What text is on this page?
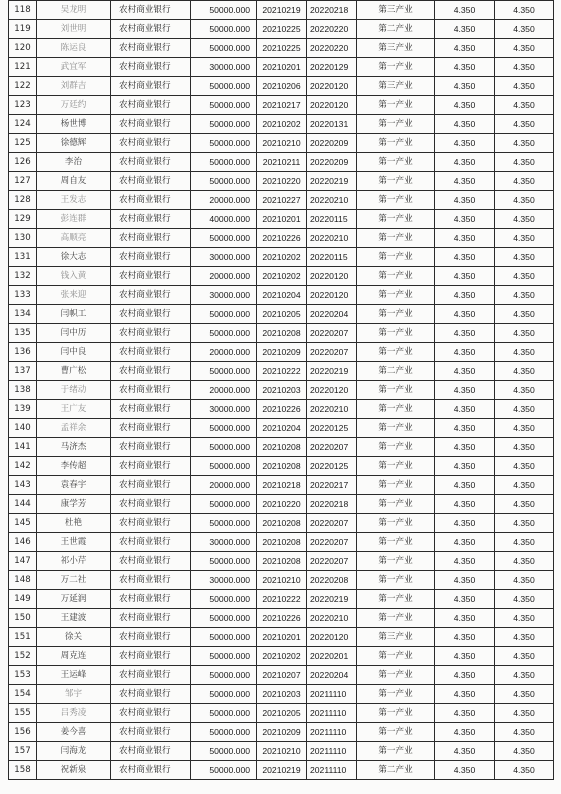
118	吴龙明	农村商业银行	50000.000	20210219	20220218	第三产业	4.350	4.350
119	刘世明	农村商业银行	50000.000	20210225	20220220	第二产业	4.350	4.350
120	陈运良	农村商业银行	50000.000	20210225	20220220	第三产业	4.350	4.350
121	武宜军	农村商业银行	30000.000	20210201	20220129	第一产业	4.350	4.350
122	刘群吉	农村商业银行	50000.000	20210206	20220120	第三产业	4.350	4.350
123	万廷约	农村商业银行	50000.000	20210217	20220120	第一产业	4.350	4.350
124	杨世博	农村商业银行	50000.000	20210202	20220131	第一产业	4.350	4.350
125	徐德辉	农村商业银行	50000.000	20210210	20220209	第一产业	4.350	4.350
126	李治	农村商业银行	50000.000	20210211	20220209	第一产业	4.350	4.350
127	周自友	农村商业银行	50000.000	20210220	20220219	第一产业	4.350	4.350
128	王发志	农村商业银行	20000.000	20210227	20220210	第一产业	4.350	4.350
129	彭连群	农村商业银行	40000.000	20210201	20220115	第一产业	4.350	4.350
130	高顺亮	农村商业银行	50000.000	20210226	20220210	第一产业	4.350	4.350
131	徐大志	农村商业银行	30000.000	20210202	20220115	第一产业	4.350	4.350
132	钱入黄	农村商业银行	20000.000	20210202	20220120	第一产业	4.350	4.350
133	张来迎	农村商业银行	30000.000	20210204	20220120	第一产业	4.350	4.350
134	闫帜工	农村商业银行	50000.000	20210205	20220204	第一产业	4.350	4.350
135	闫中历	农村商业银行	50000.000	20210208	20220207	第一产业	4.350	4.350
136	闫中良	农村商业银行	20000.000	20210209	20220207	第一产业	4.350	4.350
137	曹广松	农村商业银行	50000.000	20210222	20220219	第二产业	4.350	4.350
138	于绪动	农村商业银行	20000.000	20210203	20220120	第一产业	4.350	4.350
139	王广友	农村商业银行	30000.000	20210226	20220210	第一产业	4.350	4.350
140	孟祥余	农村商业银行	50000.000	20210204	20220125	第一产业	4.350	4.350
141	马济杰	农村商业银行	50000.000	20210208	20220207	第一产业	4.350	4.350
142	李传超	农村商业银行	50000.000	20210208	20220125	第一产业	4.350	4.350
143	袁春宇	农村商业银行	20000.000	20210218	20220217	第一产业	4.350	4.350
144	康学芳	农村商业银行	50000.000	20210220	20220218	第一产业	4.350	4.350
145	杜艳	农村商业银行	50000.000	20210208	20220207	第一产业	4.350	4.350
146	王世霞	农村商业银行	30000.000	20210208	20220207	第一产业	4.350	4.350
147	祁小芹	农村商业银行	50000.000	20210208	20220207	第一产业	4.350	4.350
148	万二社	农村商业银行	30000.000	20210210	20220208	第一产业	4.350	4.350
149	万延润	农村商业银行	50000.000	20210222	20220219	第一产业	4.350	4.350
150	王建波	农村商业银行	50000.000	20210226	20220210	第一产业	4.350	4.350
151	徐关	农村商业银行	50000.000	20210201	20220120	第三产业	4.350	4.350
152	周克连	农村商业银行	50000.000	20210202	20220201	第一产业	4.350	4.350
153	王运峰	农村商业银行	50000.000	20210207	20220204	第一产业	4.350	4.350
154	邹宇	农村商业银行	50000.000	20210203	20211110	第一产业	4.350	4.350
155	吕秀凌	农村商业银行	50000.000	20210205	20211110	第一产业	4.350	4.350
156	姜今喜	农村商业银行	50000.000	20210209	20211110	第一产业	4.350	4.350
157	闫海龙	农村商业银行	50000.000	20210210	20211110	第一产业	4.350	4.350
158	祝新泉	农村商业银行	50000.000	20210219	20211110	第二产业	4.350	4.350
